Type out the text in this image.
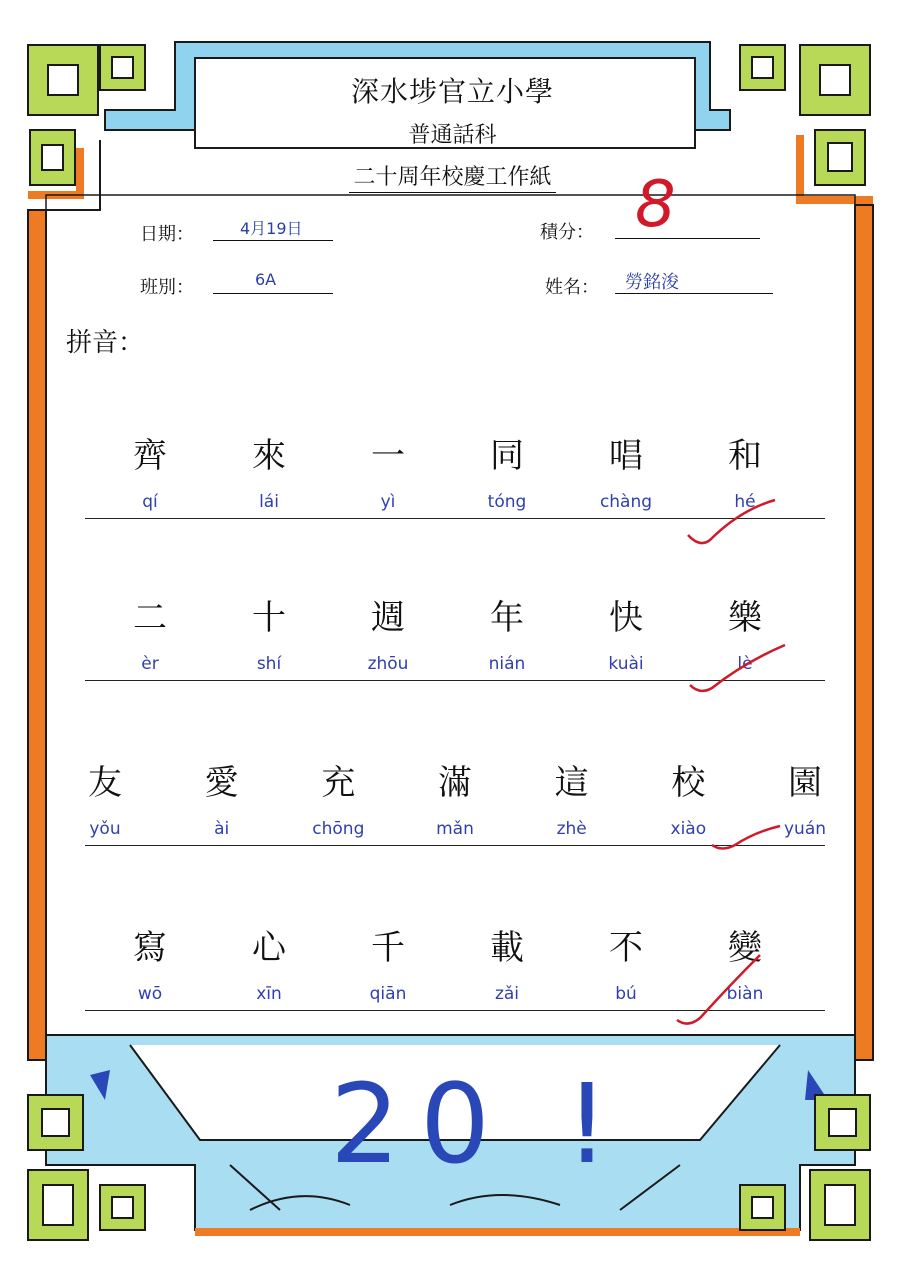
深水埗官立小學
普通話科
二十周年校慶工作紙
日期：	4月19日
班別：	6A
積分： 8
姓名： 勞銘浚
拼音：
齊
qí
來
lái
一
yì
同
tóng
唱
chàng
和
hé
二
èr
十
shí
週
zhōu
年
nián
快
kuài
樂
lè
友
yǒu
愛
ài
充
chōng
滿
mǎn
這
zhè
校
xiào
園
yuán
寫
wō
心
xīn
千
qiān
載
zǎi
不
bú
變
biàn
20 !
